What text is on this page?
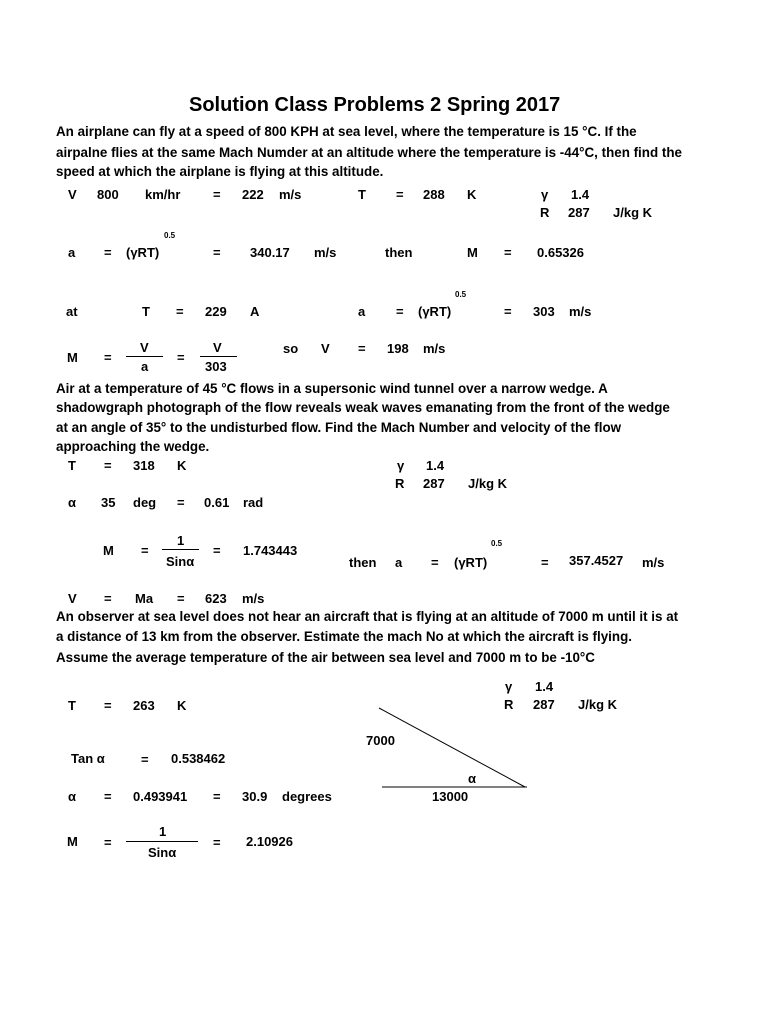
Solution Class Problems 2 Spring 2017
An airplane can fly at a speed of 800 KPH at sea level, where the temperature is 15 °C. If the
airpalne flies at the same Mach Numder at an altitude where the temperature is -44°C, then find the
speed at which the airplane is flying at this altitude.
V 800 km/hr	= 222 m/s	T = 288 K	γ 1.4
R 287 J/kg K
0.5
a = (γRT)	= 340.17 m/s	then	M = 0.65326
0.5
at	T = 229 A	a = (γRT)	= 303 m/s
M =
V
a
=
V
303
so V = 198 m/s
Air at a temperature of 45 °C flows in a supersonic wind tunnel over a narrow wedge. A
shadowgraph photograph of the flow reveals weak waves emanating from the front of the wedge
at an angle of 35° to the undisturbed flow. Find the Mach Number and velocity of the flow
approaching the wedge.
T = 318 K	γ 1.4
R 287 J/kg K
α 35 deg = 0.61 rad
M =
1
Sinα
= 1.743443
then a = (γRT)
0.5
= 357.4527 m/s
V = Ma = 623 m/s
An observer at sea level does not hear an aircraft that is flying at an altitude of 7000 m until it is at
a distance of 13 km from the observer. Estimate the mach No at which the aircraft is flying.
Assume the average temperature of the air between sea level and 7000 m to be -10°C
γ 1.4
T = 263 K	R 287 J/kg K
7000
α
13000
Tan α	= 0.538462
α = 0.493941 = 30.9 degrees
M =
1
Sinα
= 2.10926
